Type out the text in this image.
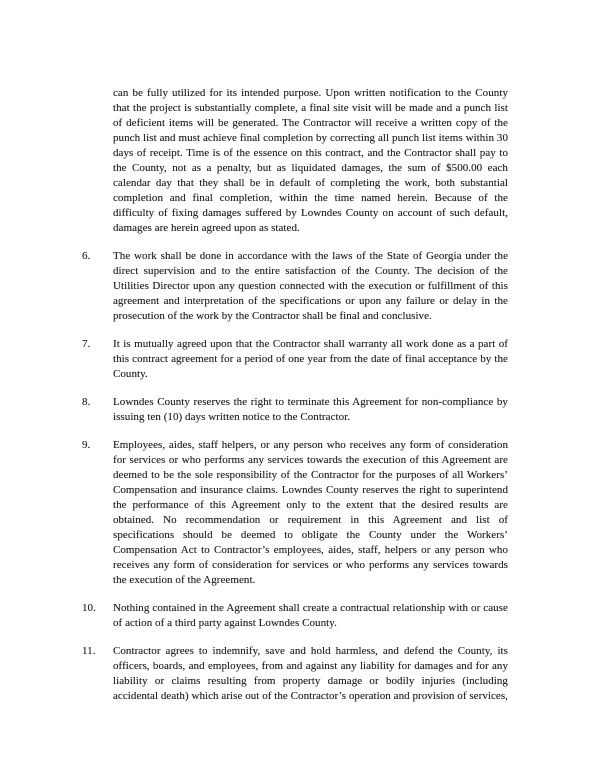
can be fully utilized for its intended purpose. Upon written notification to the County that the project is substantially complete, a final site visit will be made and a punch list of deficient items will be generated. The Contractor will receive a written copy of the punch list and must achieve final completion by correcting all punch list items within 30 days of receipt. Time is of the essence on this contract, and the Contractor shall pay to the County, not as a penalty, but as liquidated damages, the sum of $500.00 each calendar day that they shall be in default of completing the work, both substantial completion and final completion, within the time named herein. Because of the difficulty of fixing damages suffered by Lowndes County on account of such default, damages are herein agreed upon as stated.

6. The work shall be done in accordance with the laws of the State of Georgia under the direct supervision and to the entire satisfaction of the County. The decision of the Utilities Director upon any question connected with the execution or fulfillment of this agreement and interpretation of the specifications or upon any failure or delay in the prosecution of the work by the Contractor shall be final and conclusive.

7. It is mutually agreed upon that the Contractor shall warranty all work done as a part of this contract agreement for a period of one year from the date of final acceptance by the County.

8. Lowndes County reserves the right to terminate this Agreement for non-compliance by issuing ten (10) days written notice to the Contractor.

9. Employees, aides, staff helpers, or any person who receives any form of consideration for services or who performs any services towards the execution of this Agreement are deemed to be the sole responsibility of the Contractor for the purposes of all Workers’ Compensation and insurance claims. Lowndes County reserves the right to superintend the performance of this Agreement only to the extent that the desired results are obtained. No recommendation or requirement in this Agreement and list of specifications should be deemed to obligate the County under the Workers’ Compensation Act to Contractor’s employees, aides, staff, helpers or any person who receives any form of consideration for services or who performs any services towards the execution of the Agreement.

10. Nothing contained in the Agreement shall create a contractual relationship with or cause of action of a third party against Lowndes County.

11. Contractor agrees to indemnify, save and hold harmless, and defend the County, its officers, boards, and employees, from and against any liability for damages and for any liability or claims resulting from property damage or bodily injuries (including accidental death) which arise out of the Contractor’s operation and provision of services,
